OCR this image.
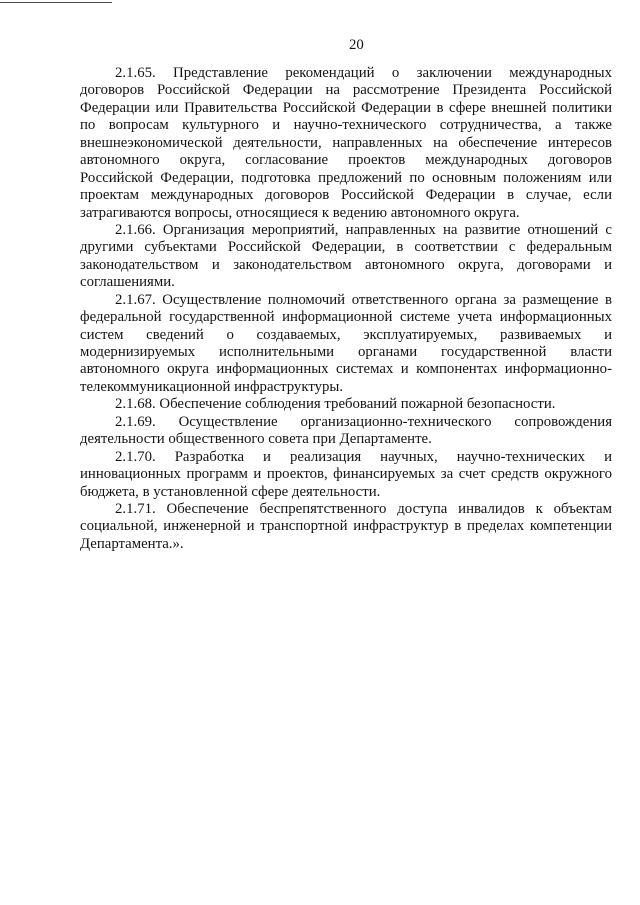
20
2.1.65. Представление рекомендаций о заключении международных
договоров Российской Федерации на рассмотрение Президента Российской
Федерации или Правительства Российской Федерации в сфере внешней политики
по вопросам культурного и научно-технического сотрудничества, а также
внешнеэкономической деятельности, направленных на обеспечение интересов
автономного округа, согласование проектов международных договоров
Российской Федерации, подготовка предложений по основным положениям или
проектам международных договоров Российской Федерации в случае, если
затрагиваются вопросы, относящиеся к ведению автономного округа.
2.1.66. Организация мероприятий, направленных на развитие отношений с
другими субъектами Российской Федерации, в соответствии с федеральным
законодательством и законодательством автономного округа, договорами и
соглашениями.
2.1.67. Осуществление полномочий ответственного органа за размещение в
федеральной государственной информационной системе учета информационных
систем сведений о создаваемых, эксплуатируемых, развиваемых и
модернизируемых исполнительными органами государственной власти
автономного округа информационных системах и компонентах информационно-
телекоммуникационной инфраструктуры.
2.1.68. Обеспечение соблюдения требований пожарной безопасности.
2.1.69. Осуществление организационно-технического сопровождения
деятельности общественного совета при Департаменте.
2.1.70. Разработка и реализация научных, научно-технических и
инновационных программ и проектов, финансируемых за счет средств окружного
бюджета, в установленной сфере деятельности.
2.1.71. Обеспечение беспрепятственного доступа инвалидов к объектам
социальной, инженерной и транспортной инфраструктур в пределах компетенции
Департамента.».
